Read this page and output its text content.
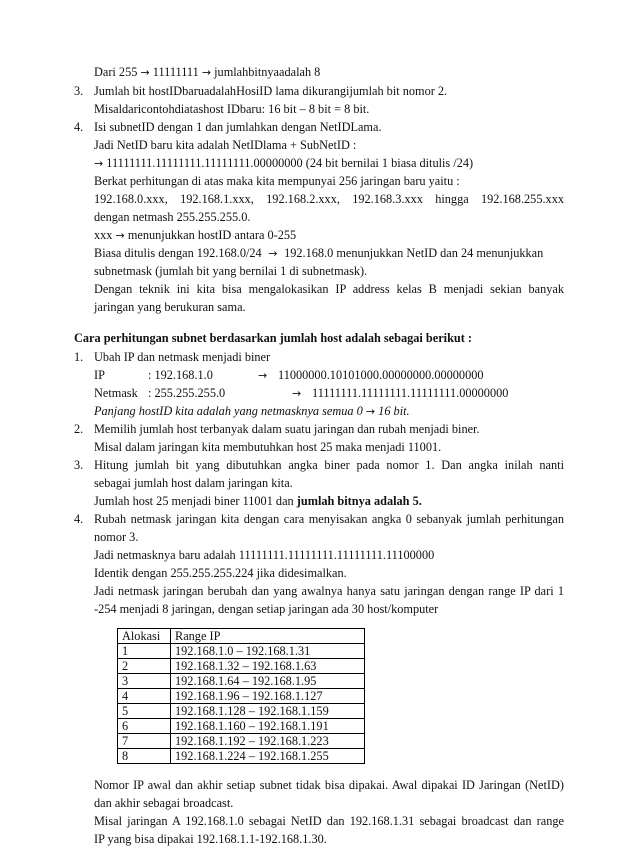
Dari 255 → 11111111 → jumlahbitnyaadalah 8
3. Jumlah bit hostIDbaruadalahHosiID lama dikurangijumlah bit nomor 2.
Misaldaricontohdiatashost IDbaru: 16 bit – 8 bit = 8 bit.
4. Isi subnetID dengan 1 dan jumlahkan dengan NetIDLama.
Jadi NetID baru kita adalah NetIDlama + SubNetID :
→ 11111111.11111111.11111111.00000000 (24 bit bernilai 1 biasa ditulis /24)
Berkat perhitungan di atas maka kita mempunyai 256 jaringan baru yaitu :
192.168.0.xxx, 192.168.1.xxx, 192.168.2.xxx, 192.168.3.xxx hingga 192.168.255.xxx
dengan netmash 255.255.255.0.
xxx → menunjukkan hostID antara 0-255
Biasa ditulis dengan 192.168.0/24  →  192.168.0 menunjukkan NetID dan 24 menunjukkan
subnetmask (jumlah bit yang bernilai 1 di subnetmask).
Dengan teknik ini kita bisa mengalokasikan IP address kelas B menjadi sekian banyak
jaringan yang berukuran sama.
Cara perhitungan subnet berdasarkan jumlah host adalah sebagai berikut :
1. Ubah IP dan netmask menjadi biner
IP	: 192.168.1.0	→ 11000000.10101000.00000000.00000000
Netmask : 255.255.255.0	→ 11111111.11111111.11111111.00000000
Panjang hostID kita adalah yang netmasknya semua 0 → 16 bit.
2. Memilih jumlah host terbanyak dalam suatu jaringan dan rubah menjadi biner.
Misal dalam jaringan kita membutuhkan host 25 maka menjadi 11001.
3. Hitung jumlah bit yang dibutuhkan angka biner pada nomor 1. Dan angka inilah nanti
sebagai jumlah host dalam jaringan kita.
Jumlah host 25 menjadi biner 11001 dan jumlah bitnya adalah 5.
4. Rubah netmask jaringan kita dengan cara menyisakan angka 0 sebanyak jumlah perhitungan
nomor 3.
Jadi netmasknya baru adalah 11111111.11111111.11111111.11100000
Identik dengan 255.255.255.224 jika didesimalkan.
Jadi netmask jaringan berubah dan yang awalnya hanya satu jaringan dengan range IP dari 1
-254 menjadi 8 jaringan, dengan setiap jaringan ada 30 host/komputer
Alokasi	Range IP
1	192.168.1.0 – 192.168.1.31
2	192.168.1.32 – 192.168.1.63
3	192.168.1.64 – 192.168.1.95
4	192.168.1.96 – 192.168.1.127
5	192.168.1.128 – 192.168.1.159
6	192.168.1.160 – 192.168.1.191
7	192.168.1.192 – 192.168.1.223
8	192.168.1.224 – 192.168.1.255
Nomor IP awal dan akhir setiap subnet tidak bisa dipakai. Awal dipakai ID Jaringan (NetID)
dan akhir sebagai broadcast.
Misal jaringan A 192.168.1.0 sebagai NetID dan 192.168.1.31 sebagai broadcast dan range
IP yang bisa dipakai 192.168.1.1-192.168.1.30.
